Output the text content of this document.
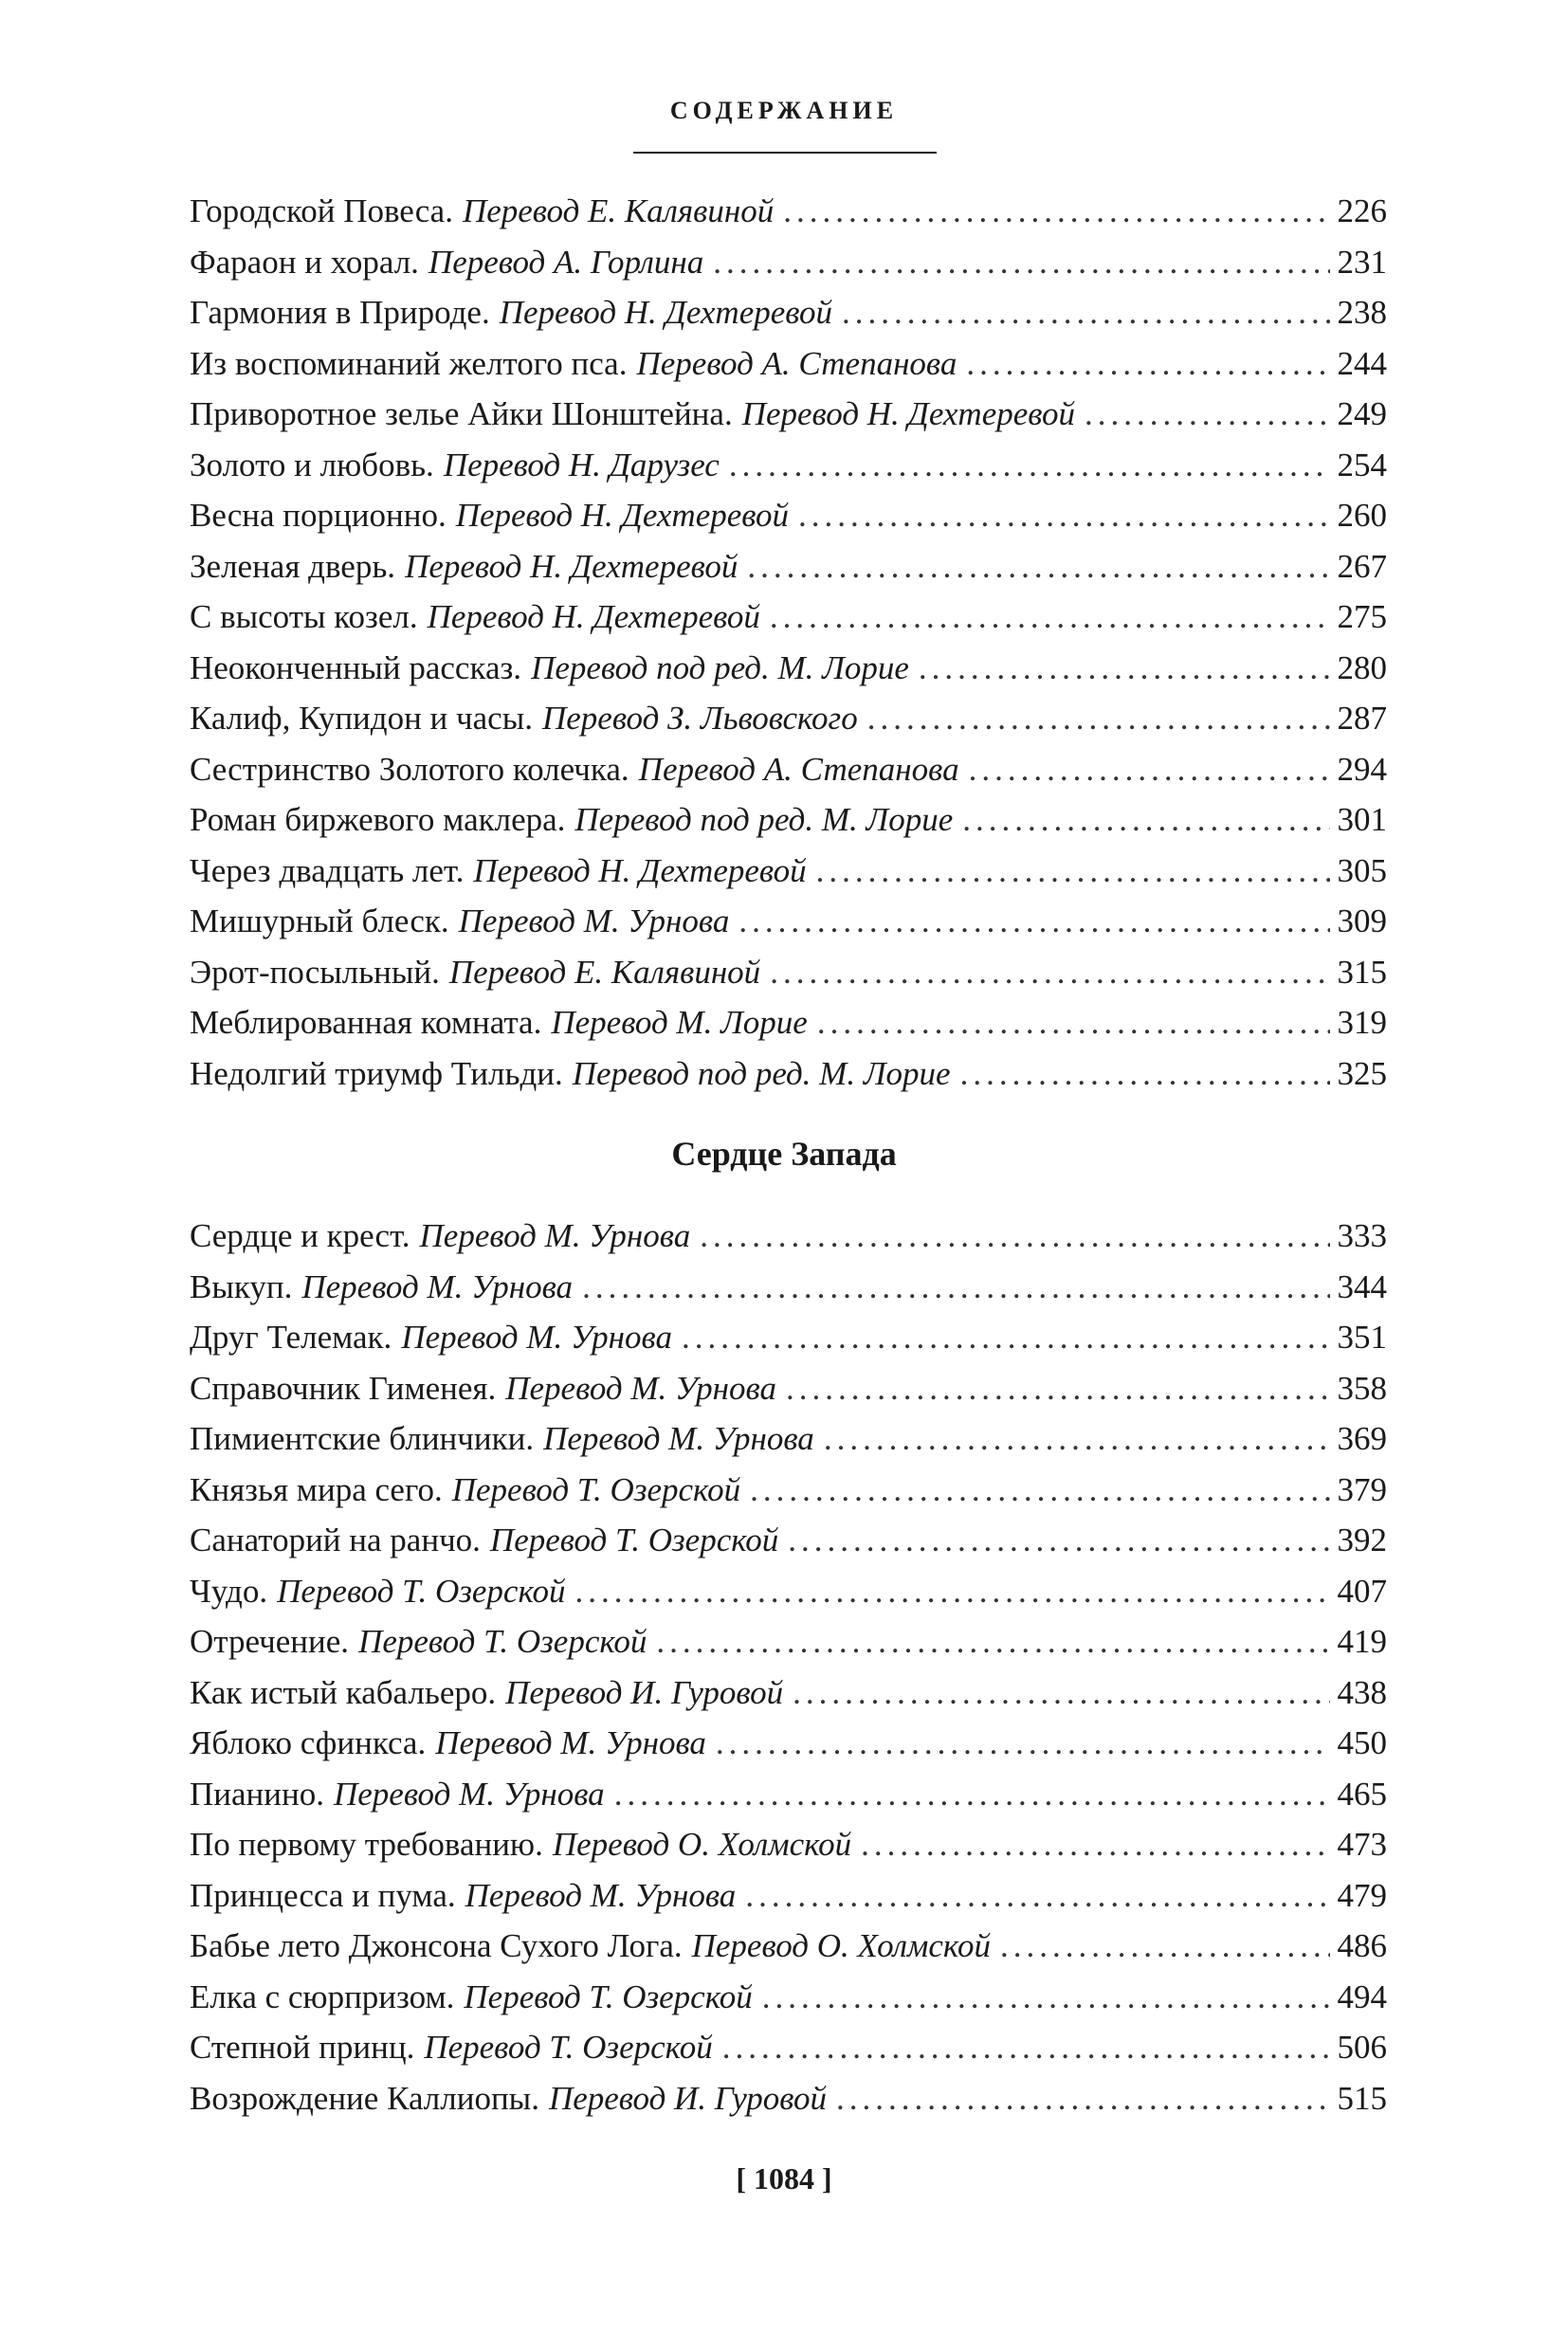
СОДЕРЖАНИЕ
Городской Повеса. Перевод Е. Калявиной .....	226
Фараон и хорал. Перевод А. Горлина .....	231
Гармония в Природе. Перевод Н. Дехтеревой .....	238
Из воспоминаний желтого пса. Перевод А. Степанова .....	244
Приворотное зелье Айки Шонштейна. Перевод Н. Дехтеревой .....	249
Золото и любовь. Перевод Н. Дарузес .....	254
Весна порционно. Перевод Н. Дехтеревой .....	260
Зеленая дверь. Перевод Н. Дехтеревой .....	267
С высоты козел. Перевод Н. Дехтеревой .....	275
Неоконченный рассказ. Перевод под ред. М. Лорие .....	280
Калиф, Купидон и часы. Перевод З. Львовского .....	287
Сестринство Золотого колечка. Перевод А. Степанова .....	294
Роман биржевого маклера. Перевод под ред. М. Лорие .....	301
Через двадцать лет. Перевод Н. Дехтеревой .....	305
Мишурный блеск. Перевод М. Урнова .....	309
Эрот-посыльный. Перевод Е. Калявиной .....	315
Меблированная комната. Перевод М. Лорие .....	319
Недолгий триумф Тильди. Перевод под ред. М. Лорие .....	325
Сердце Запада
Сердце и крест. Перевод М. Урнова .....	333
Выкуп. Перевод М. Урнова .....	344
Друг Телемак. Перевод М. Урнова .....	351
Справочник Гименея. Перевод М. Урнова .....	358
Пимиентские блинчики. Перевод М. Урнова .....	369
Князья мира сего. Перевод Т. Озерской .....	379
Санаторий на ранчо. Перевод Т. Озерской .....	392
Чудо. Перевод Т. Озерской .....	407
Отречение. Перевод Т. Озерской .....	419
Как истый кабальеро. Перевод И. Гуровой .....	438
Яблоко сфинкса. Перевод М. Урнова .....	450
Пианино. Перевод М. Урнова .....	465
По первому требованию. Перевод О. Холмской .....	473
Принцесса и пума. Перевод М. Урнова .....	479
Бабье лето Джонсона Сухого Лога. Перевод О. Холмской .....	486
Елка с сюрпризом. Перевод Т. Озерской .....	494
Степной принц. Перевод Т. Озерской .....	506
Возрождение Каллиопы. Перевод И. Гуровой .....	515
[ 1084 ]
